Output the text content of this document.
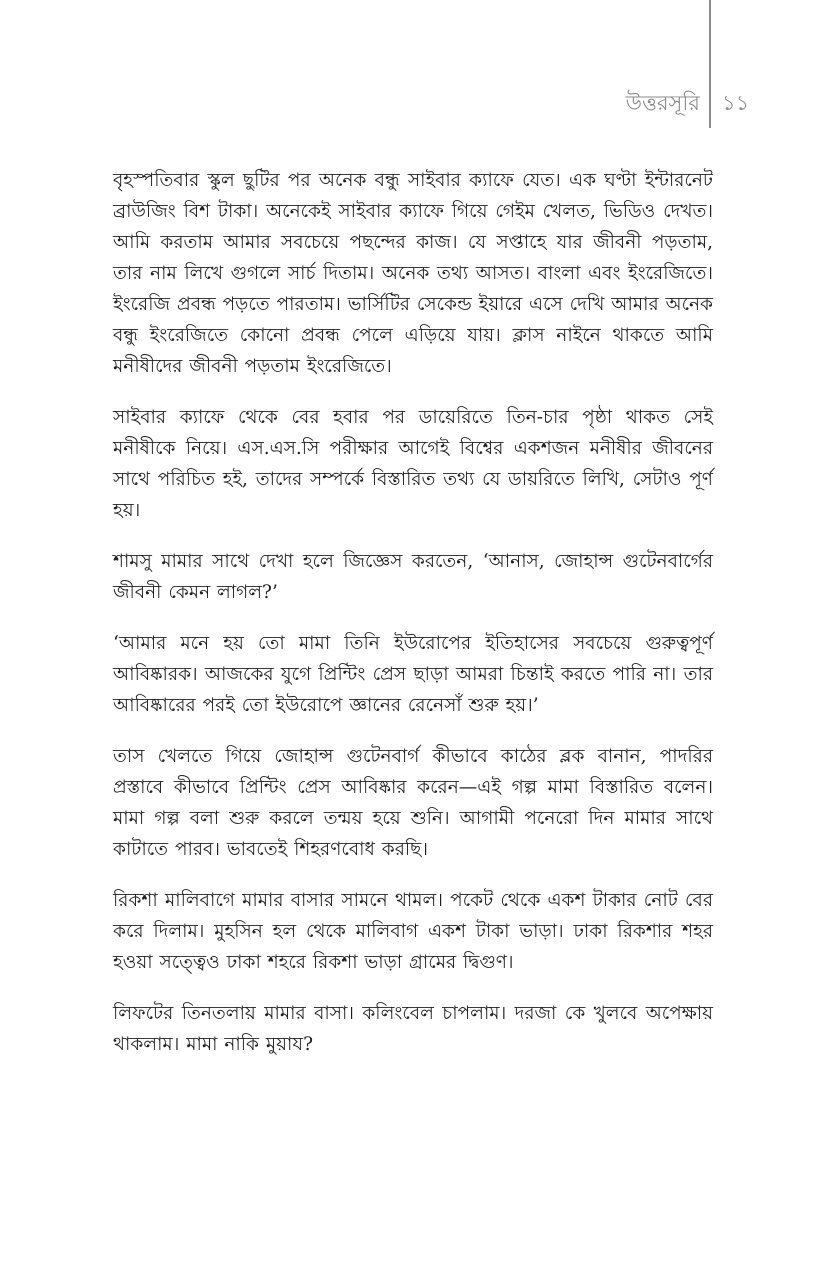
উত্তরসূরি ১১

বৃহস্পতিবার স্কুল ছুটির পর অনেক বন্ধু সাইবার ক্যাফে যেত। এক ঘণ্টা ইন্টারনেট ব্রাউজিং বিশ টাকা। অনেকেই সাইবার ক্যাফে গিয়ে গেইম খেলত, ভিডিও দেখত। আমি করতাম আমার সবচেয়ে পছন্দের কাজ। যে সপ্তাহে যার জীবনী পড়তাম, তার নাম লিখে গুগলে সার্চ দিতাম। অনেক তথ্য আসত। বাংলা এবং ইংরেজিতে। ইংরেজি প্রবন্ধ পড়তে পারতাম। ভার্সিটির সেকেন্ড ইয়ারে এসে দেখি আমার অনেক বন্ধু ইংরেজিতে কোনো প্রবন্ধ পেলে এড়িয়ে যায়। ক্লাস নাইনে থাকতে আমি মনীষীদের জীবনী পড়তাম ইংরেজিতে।

সাইবার ক্যাফে থেকে বের হবার পর ডায়েরিতে তিন-চার পৃষ্ঠা থাকত সেই মনীষীকে নিয়ে। এস.এস.সি পরীক্ষার আগেই বিশ্বের একশজন মনীষীর জীবনের সাথে পরিচিত হই, তাদের সম্পর্কে বিস্তারিত তথ্য যে ডায়রিতে লিখি, সেটাও পূর্ণ হয়।

শামসু মামার সাথে দেখা হলে জিজ্ঞেস করতেন, ‘আনাস, জোহান্স গুটেনবার্গের জীবনী কেমন লাগল?’

‘আমার মনে হয় তো মামা তিনি ইউরোপের ইতিহাসের সবচেয়ে গুরুত্বপূর্ণ আবিষ্কারক। আজকের যুগে প্রিন্টিং প্রেস ছাড়া আমরা চিন্তাই করতে পারি না। তার আবিষ্কারের পরই তো ইউরোপে জ্ঞানের রেনেসাঁ শুরু হয়।’

তাস খেলতে গিয়ে জোহান্স গুটেনবার্গ কীভাবে কাঠের ব্লক বানান, পাদরির প্রস্তাবে কীভাবে প্রিন্টিং প্রেস আবিষ্কার করেন—এই গল্প মামা বিস্তারিত বলেন। মামা গল্প বলা শুরু করলে তন্ময় হয়ে শুনি। আগামী পনেরো দিন মামার সাথে কাটাতে পারব। ভাবতেই শিহরণবোধ করছি।

রিকশা মালিবাগে মামার বাসার সামনে থামল। পকেট থেকে একশ টাকার নোট বের করে দিলাম। মুহসিন হল থেকে মালিবাগ একশ টাকা ভাড়া। ঢাকা রিকশার শহর হওয়া সত্ত্বেও ঢাকা শহরে রিকশা ভাড়া গ্রামের দ্বিগুণ।

লিফটের তিনতলায় মামার বাসা। কলিংবেল চাপলাম। দরজা কে খুলবে অপেক্ষায় থাকলাম। মামা নাকি মুয়ায?
